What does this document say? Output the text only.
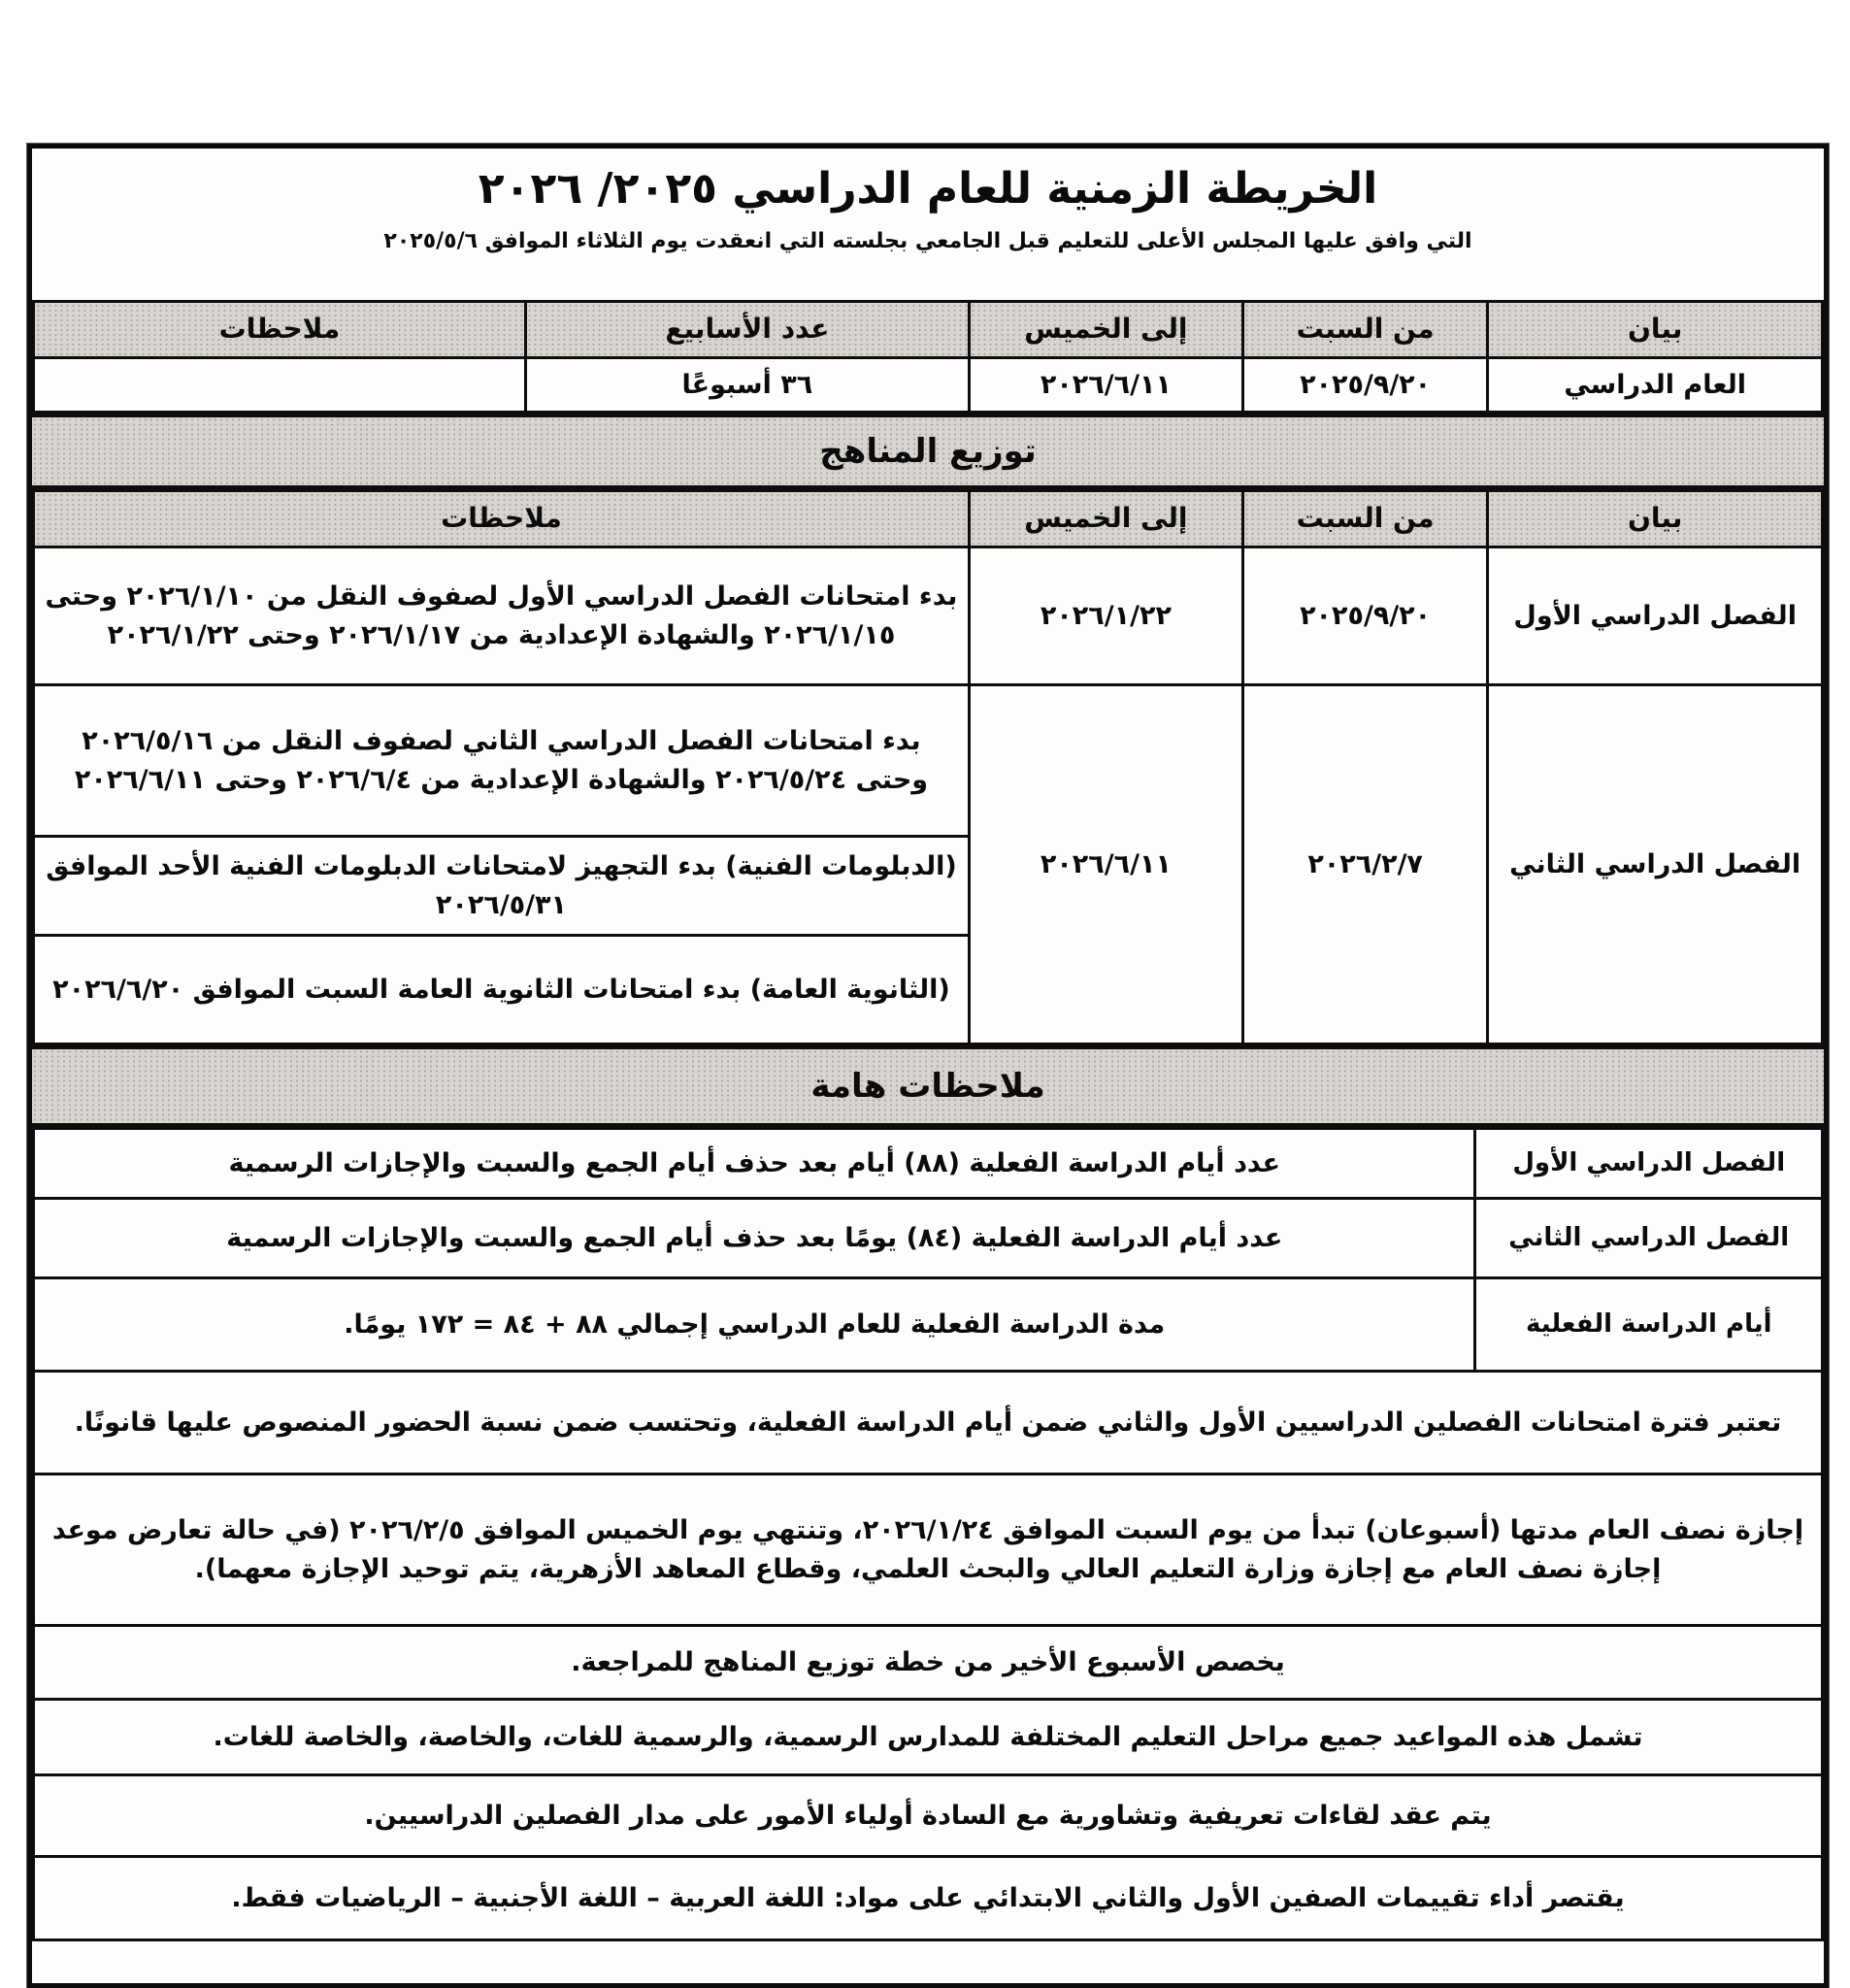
الخريطة الزمنية للعام الدراسي ٢٠٢٥/ ٢٠٢٦
التي وافق عليها المجلس الأعلى للتعليم قبل الجامعي بجلسته التي انعقدت يوم الثلاثاء الموافق ٢٠٢٥/٥/٦
بيان	من السبت	إلى الخميس	عدد الأسابيع	ملاحظات
العام الدراسي	٢٠٢٥/٩/٢٠	٢٠٢٦/٦/١١	٣٦ أسبوعًا	
توزيع المناهج
بيان	من السبت	إلى الخميس	ملاحظات
الفصل الدراسي الأول	٢٠٢٥/٩/٢٠	٢٠٢٦/١/٢٢	بدء امتحانات الفصل الدراسي الأول لصفوف النقل من ٢٠٢٦/١/١٠ وحتى ٢٠٢٦/١/١٥ والشهادة الإعدادية من ٢٠٢٦/١/١٧ وحتى ٢٠٢٦/١/٢٢
الفصل الدراسي الثاني	٢٠٢٦/٢/٧	٢٠٢٦/٦/١١	بدء امتحانات الفصل الدراسي الثاني لصفوف النقل من ٢٠٢٦/٥/١٦ وحتى ٢٠٢٦/٥/٢٤ والشهادة الإعدادية من ٢٠٢٦/٦/٤ وحتى ٢٠٢٦/٦/١١
			(الدبلومات الفنية) بدء التجهيز لامتحانات الدبلومات الفنية الأحد الموافق ٢٠٢٦/٥/٣١
			(الثانوية العامة) بدء امتحانات الثانوية العامة السبت الموافق ٢٠٢٦/٦/٢٠
ملاحظات هامة
الفصل الدراسي الأول	عدد أيام الدراسة الفعلية (٨٨) أيام بعد حذف أيام الجمع والسبت والإجازات الرسمية
الفصل الدراسي الثاني	عدد أيام الدراسة الفعلية (٨٤) يومًا بعد حذف أيام الجمع والسبت والإجازات الرسمية
أيام الدراسة الفعلية	مدة الدراسة الفعلية للعام الدراسي إجمالي ٨٨ + ٨٤ = ١٧٢ يومًا.
تعتبر فترة امتحانات الفصلين الدراسيين الأول والثاني ضمن أيام الدراسة الفعلية، وتحتسب ضمن نسبة الحضور المنصوص عليها قانونًا.	
إجازة نصف العام مدتها (أسبوعان) تبدأ من يوم السبت الموافق ٢٠٢٦/١/٢٤، وتنتهي يوم الخميس الموافق ٢٠٢٦/٢/٥ (في حالة تعارض موعد إجازة نصف العام مع إجازة وزارة التعليم العالي والبحث العلمي، وقطاع المعاهد الأزهرية، يتم توحيد الإجازة معهما).	
يخصص الأسبوع الأخير من خطة توزيع المناهج للمراجعة.	
تشمل هذه المواعيد جميع مراحل التعليم المختلفة للمدارس الرسمية، والرسمية للغات، والخاصة، والخاصة للغات.	
يتم عقد لقاءات تعريفية وتشاورية مع السادة أولياء الأمور على مدار الفصلين الدراسيين.	
يقتصر أداء تقييمات الصفين الأول والثاني الابتدائي على مواد: اللغة العربية – اللغة الأجنبية – الرياضيات فقط.	
